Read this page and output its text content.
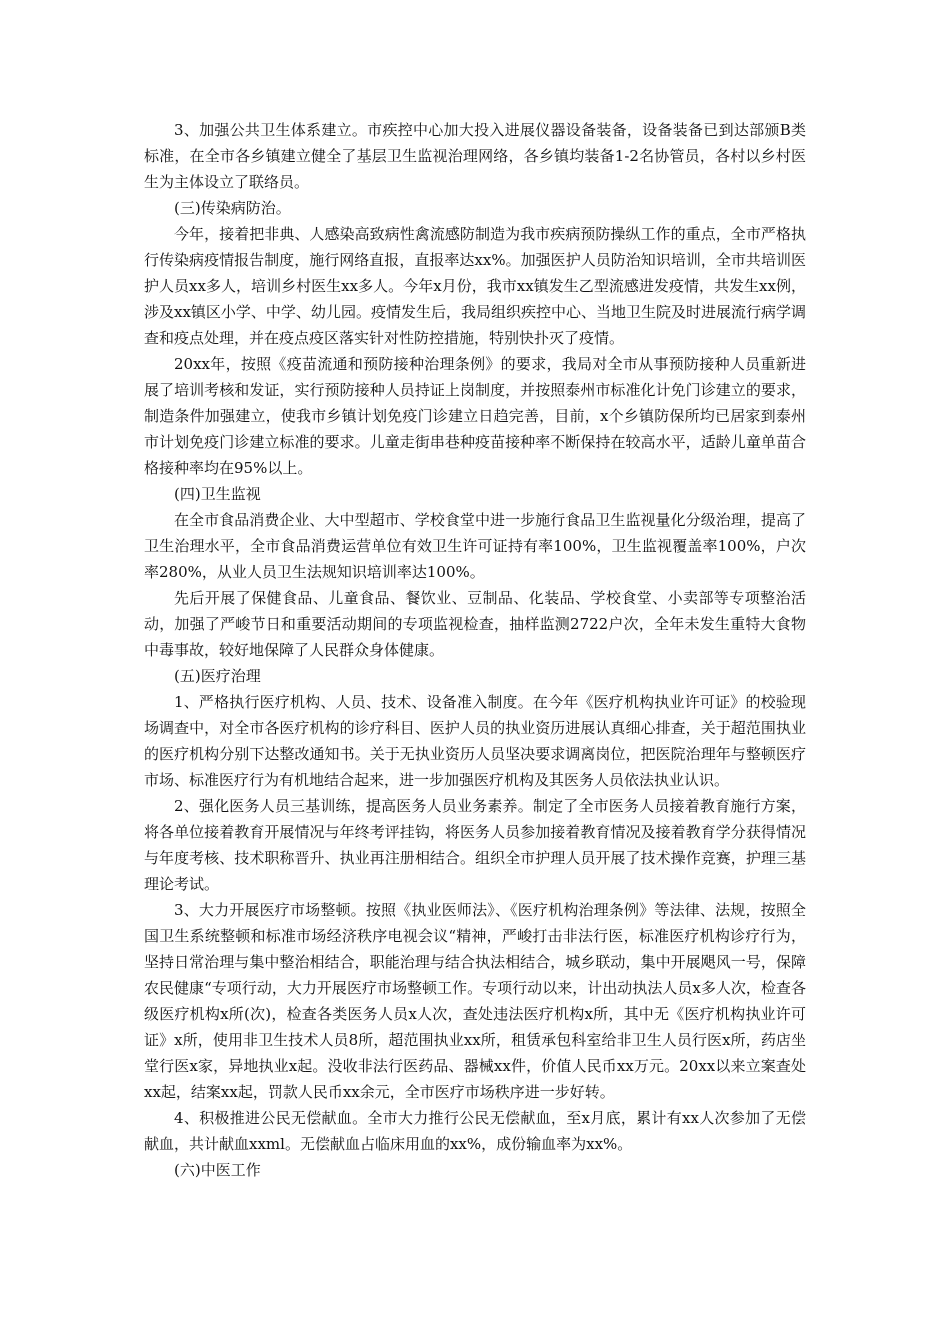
3、加强公共卫生体系建立。市疾控中心加大投入进展仪器设备装备，设备装备已到达部颁B类标准，在全市各乡镇建立健全了基层卫生监视治理网络，各乡镇均装备1-2名协管员，各村以乡村医生为主体设立了联络员。

(三)传染病防治。

今年，接着把非典、人感染高致病性禽流感防制造为我市疾病预防操纵工作的重点，全市严格执行传染病疫情报告制度，施行网络直报，直报率达xx%。加强医护人员防治知识培训，全市共培训医护人员xx多人，培训乡村医生xx多人。今年x月份，我市xx镇发生乙型流感进发疫情，共发生xx例，涉及xx镇区小学、中学、幼儿园。疫情发生后，我局组织疾控中心、当地卫生院及时进展流行病学调查和疫点处理，并在疫点疫区落实针对性防控措施，特别快扑灭了疫情。

20xx年，按照《疫苗流通和预防接种治理条例》的要求，我局对全市从事预防接种人员重新进展了培训考核和发证，实行预防接种人员持证上岗制度，并按照泰州市标准化计免门诊建立的要求，制造条件加强建立，使我市乡镇计划免疫门诊建立日趋完善，目前，x个乡镇防保所均已居家到泰州市计划免疫门诊建立标准的要求。儿童走街串巷种疫苗接种率不断保持在较高水平，适龄儿童单苗合格接种率均在95%以上。

(四)卫生监视

在全市食品消费企业、大中型超市、学校食堂中进一步施行食品卫生监视量化分级治理，提高了卫生治理水平，全市食品消费运营单位有效卫生许可证持有率100%，卫生监视覆盖率100%，户次率280%，从业人员卫生法规知识培训率达100%。

先后开展了保健食品、儿童食品、餐饮业、豆制品、化装品、学校食堂、小卖部等专项整治活动，加强了严峻节日和重要活动期间的专项监视检查，抽样监测2722户次，全年未发生重特大食物中毒事故，较好地保障了人民群众身体健康。

(五)医疗治理

1、严格执行医疗机构、人员、技术、设备准入制度。在今年《医疗机构执业许可证》的校验现场调查中，对全市各医疗机构的诊疗科目、医护人员的执业资历进展认真细心排查，关于超范围执业的医疗机构分别下达整改通知书。关于无执业资历人员坚决要求调离岗位，把医院治理年与整顿医疗市场、标准医疗行为有机地结合起来，进一步加强医疗机构及其医务人员依法执业认识。

2、强化医务人员三基训练，提高医务人员业务素养。制定了全市医务人员接着教育施行方案，将各单位接着教育开展情况与年终考评挂钩，将医务人员参加接着教育情况及接着教育学分获得情况与年度考核、技术职称晋升、执业再注册相结合。组织全市护理人员开展了技术操作竞赛，护理三基理论考试。

3、大力开展医疗市场整顿。按照《执业医师法》、《医疗机构治理条例》等法律、法规，按照全国卫生系统整顿和标准市场经济秩序电视会议“精神，严峻打击非法行医，标准医疗机构诊疗行为，坚持日常治理与集中整治相结合，职能治理与结合执法相结合，城乡联动，集中开展飓风一号，保障农民健康“专项行动，大力开展医疗市场整顿工作。专项行动以来，计出动执法人员x多人次，检查各级医疗机构x所(次)，检查各类医务人员x人次，查处违法医疗机构x所，其中无《医疗机构执业许可证》x所，使用非卫生技术人员8所，超范围执业xx所，租赁承包科室给非卫生人员行医x所，药店坐堂行医x家，异地执业x起。没收非法行医药品、器械xx件，价值人民币xx万元。20xx以来立案查处xx起，结案xx起，罚款人民币xx余元，全市医疗市场秩序进一步好转。

4、积极推进公民无偿献血。全市大力推行公民无偿献血，至x月底，累计有xx人次参加了无偿献血，共计献血xxml。无偿献血占临床用血的xx%，成份输血率为xx%。

(六)中医工作
